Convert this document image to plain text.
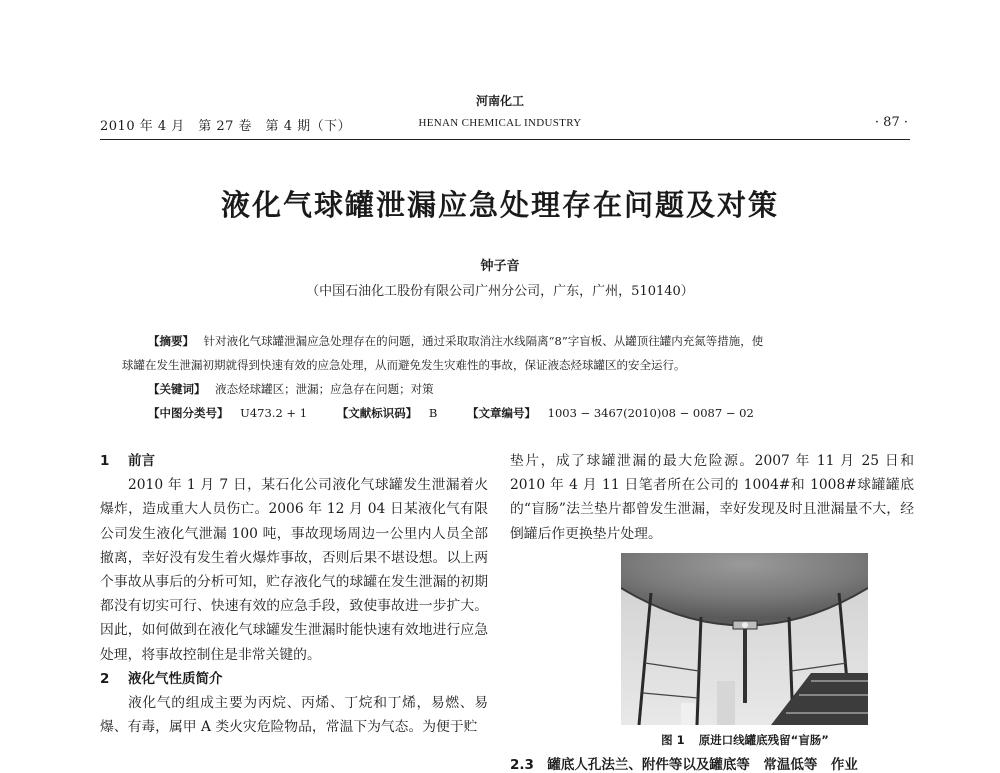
河南化工
2010 年 4 月　第 27 卷　第 4 期（下）	HENAN CHEMICAL INDUSTRY	· 87 ·
液化气球罐泄漏应急处理存在问题及对策
钟子音
（中国石油化工股份有限公司广州分公司，广东，广州，510140）
【摘要】 针对液化气球罐泄漏应急处理存在的问题，通过采取取消注水线隔离“8”字盲板、从罐顶往罐内充氮等措施，使
球罐在发生泄漏初期就得到快速有效的应急处理，从而避免发生灾难性的事故，保证液态烃球罐区的安全运行。
【关键词】 液态烃球罐区；泄漏；应急存在问题；对策
【中图分类号】 U473.2 + 1	【文献标识码】 B	【文章编号】 1003 − 3467(2010)08 − 0087 − 02

1 前言

2010 年 1 月 7 日，某石化公司液化气球罐发生泄漏着火爆炸，造成重大人员伤亡。2006 年 12 月 04 日某液化气有限公司发生液化气泄漏 100 吨，事故现场周边一公里内人员全部撤离，幸好没有发生着火爆炸事故，否则后果不堪设想。以上两个事故从事后的分析可知，贮存液化气的球罐在发生泄漏的初期都没有切实可行、快速有效的应急手段，致使事故进一步扩大。因此，如何做到在液化气球罐发生泄漏时能快速有效地进行应急处理，将事故控制住是非常关键的。

2 液化气性质简介

液化气的组成主要为丙烷、丙烯、丁烷和丁烯，易燃、易爆、有毒，属甲 A 类火灾危险物品，常温下为气态。为便于贮

垫片，成了球罐泄漏的最大危险源。2007 年 11 月 25 日和 2010 年 4 月 11 日笔者所在公司的 1004#和 1008#球罐罐底的“盲肠”法兰垫片都曾发生泄漏，幸好发现及时且泄漏量不大，经倒罐后作更换垫片处理。

图 1 原进口线罐底残留“盲肠”
2.3　罐底人孔法兰、附件等以及罐底等　常温低等　作业
